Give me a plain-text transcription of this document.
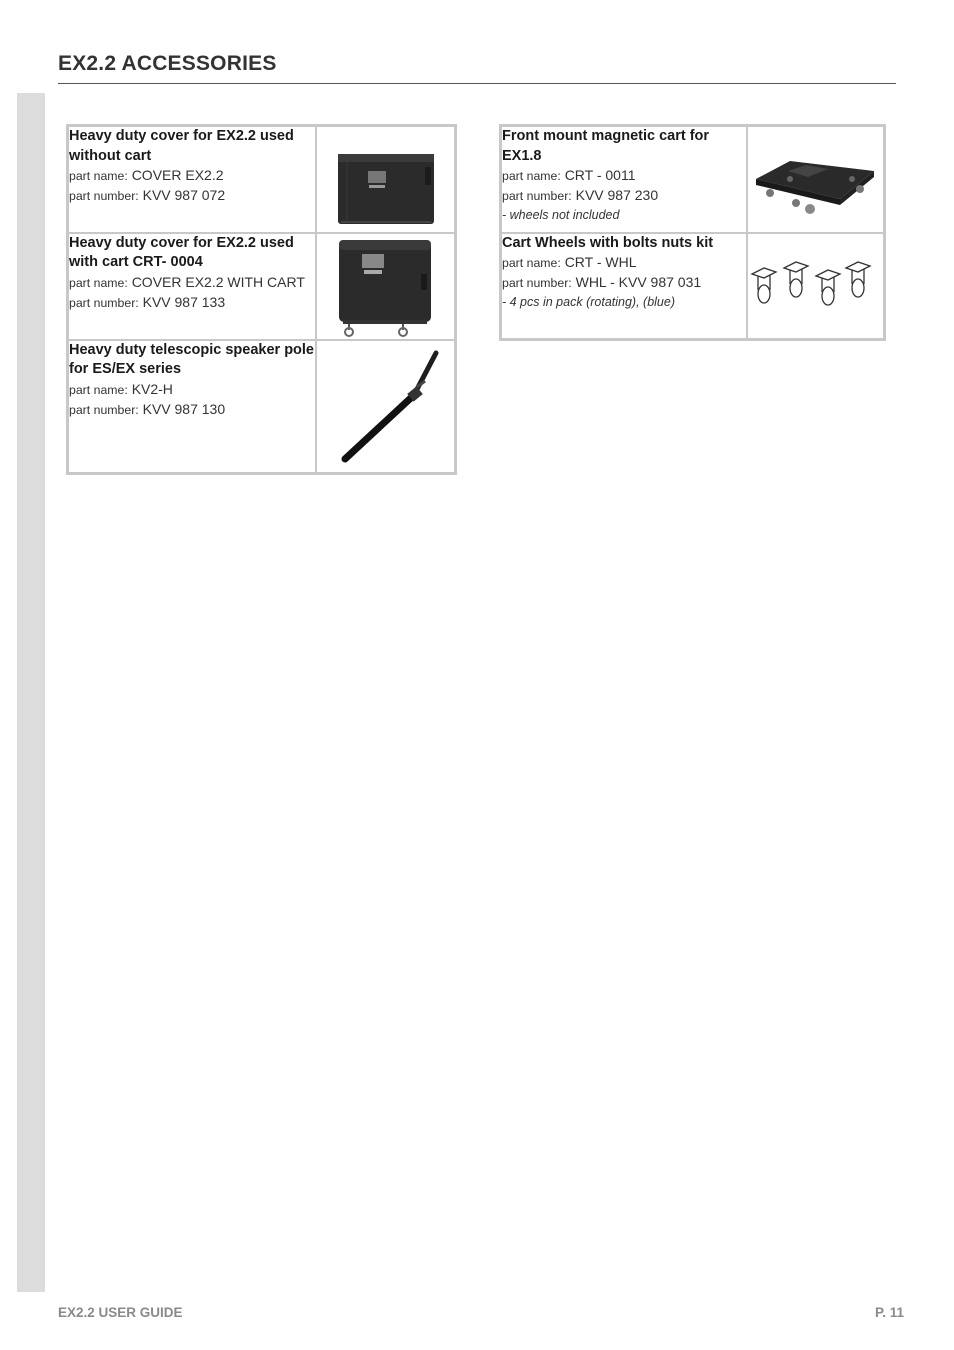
EX2.2 ACCESSORIES
Heavy duty cover for EX2.2 used without cart
part name: COVER EX2.2
part number: KVV 987 072

Heavy duty cover for EX2.2 used with cart CRT- 0004
part name: COVER EX2.2 WITH CART
part number: KVV 987 133

Heavy duty telescopic speaker pole for ES/EX series
part name: KV2-H
part number: KVV 987 130

Front mount magnetic cart for EX1.8
part name: CRT - 0011
part number: KVV 987 230
- wheels not included

Cart Wheels with bolts nuts kit
part name: CRT - WHL
part number: WHL - KVV 987 031
- 4 pcs in pack (rotating), (blue)

EX2.2 USER GUIDE	P. 11
